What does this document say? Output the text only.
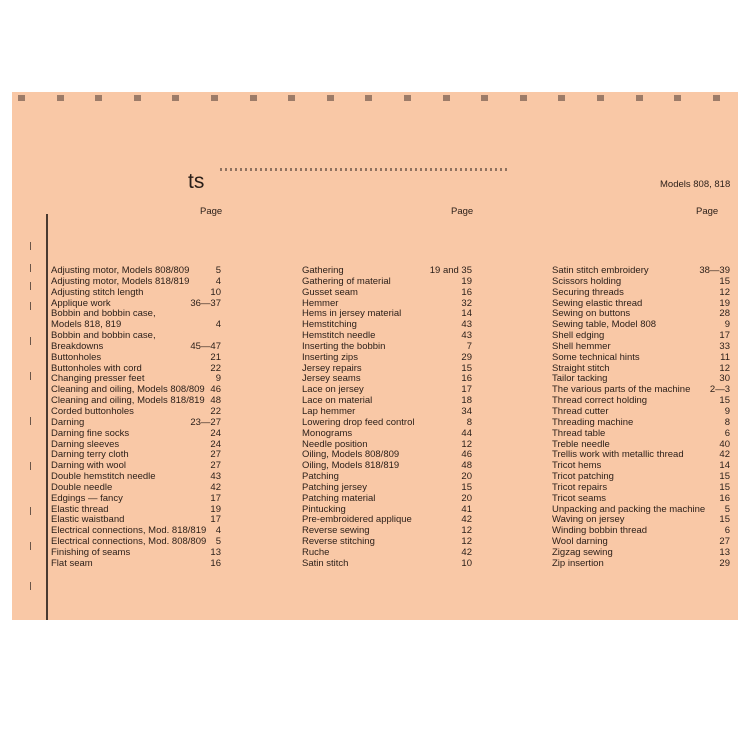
ts	Models 808, 818
Page	Page	Page
Adjusting motor, Models 808/809	5
Adjusting motor, Models 818/819	4
Adjusting stitch length	10
Applique work	36—37
Bobbin and bobbin case,
Models 818, 819	4
Bobbin and bobbin case,
Breakdowns	45—47
Buttonholes	21
Buttonholes with cord	22
Changing presser feet	9
Cleaning and oiling, Models 808/809 46
Cleaning and oiling, Models 818/819 48
Corded buttonholes	22
Darning	23—27
Darning fine socks	24
Darning sleeves	24
Darning terry cloth	27
Darning with wool	27
Double hemstitch needle	43
Double needle	42
Edgings — fancy	17
Elastic thread	19
Elastic waistband	17
Electrical connections, Mod. 818/819 4
Electrical connections, Mod. 808/809 5
Finishing of seams	13
Flat seam	16
Gathering	19 and 35
Gathering of material	19
Gusset seam	16
Hemmer	32
Hems in jersey material	14
Hemstitching	43
Hemstitch needle	43
Inserting the bobbin	7
Inserting zips	29
Jersey repairs	15
Jersey seams	16
Lace on jersey	17
Lace on material	18
Lap hemmer	34
Lowering drop feed control	8
Monograms	44
Needle position	12
Oiling, Models 808/809	46
Oiling, Models 818/819	48
Patching	20
Patching jersey	15
Patching material	20
Pintucking	41
Pre-embroidered applique	42
Reverse sewing	12
Reverse stitching	12
Ruche	42
Satin stitch	10
Satin stitch embroidery	38—39
Scissors holding	15
Securing threads	12
Sewing elastic thread	19
Sewing on buttons	28
Sewing table, Model 808	9
Shell edging	17
Shell hemmer	33
Some technical hints	11
Straight stitch	12
Tailor tacking	30
The various parts of the machine 2—3
Thread correct holding	15
Thread cutter	9
Threading machine	8
Thread table	6
Treble needle	40
Trellis work with metallic thread	42
Tricot hems	14
Tricot patching	15
Tricot repairs	15
Tricot seams	16
Unpacking and packing the machine 5
Waving on jersey	15
Winding bobbin thread	6
Wool darning	27
Zigzag sewing	13
Zip insertion	29
